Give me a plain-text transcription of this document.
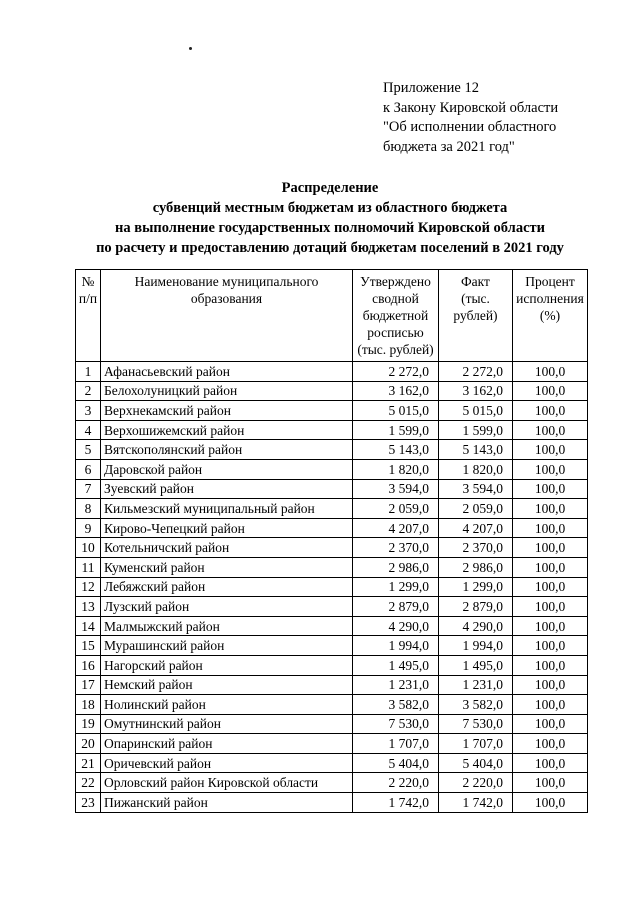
Приложение 12
к Закону Кировской области
"Об исполнении областного
бюджета за 2021 год"
Распределение
субвенций местным бюджетам из областного бюджета
на выполнение государственных полномочий Кировской области
по расчету и предоставлению дотаций бюджетам поселений в 2021 году
№ п/п	Наименование муниципального образования	Утверждено сводной бюджетной росписью (тыс. рублей)	Факт (тыс. рублей)	Процент исполнения (%)
1	Афанасьевский район	2 272,0	2 272,0	100,0
2	Белохолуницкий район	3 162,0	3 162,0	100,0
3	Верхнекамский район	5 015,0	5 015,0	100,0
4	Верхошижемский район	1 599,0	1 599,0	100,0
5	Вятскополянский район	5 143,0	5 143,0	100,0
6	Даровской район	1 820,0	1 820,0	100,0
7	Зуевский район	3 594,0	3 594,0	100,0
8	Кильмезский муниципальный район	2 059,0	2 059,0	100,0
9	Кирово-Чепецкий район	4 207,0	4 207,0	100,0
10	Котельничский район	2 370,0	2 370,0	100,0
11	Куменский район	2 986,0	2 986,0	100,0
12	Лебяжский район	1 299,0	1 299,0	100,0
13	Лузский район	2 879,0	2 879,0	100,0
14	Малмыжский район	4 290,0	4 290,0	100,0
15	Мурашинский район	1 994,0	1 994,0	100,0
16	Нагорский район	1 495,0	1 495,0	100,0
17	Немский район	1 231,0	1 231,0	100,0
18	Нолинский район	3 582,0	3 582,0	100,0
19	Омутнинский район	7 530,0	7 530,0	100,0
20	Опаринский район	1 707,0	1 707,0	100,0
21	Оричевский район	5 404,0	5 404,0	100,0
22	Орловский район Кировской области	2 220,0	2 220,0	100,0
23	Пижанский район	1 742,0	1 742,0	100,0
